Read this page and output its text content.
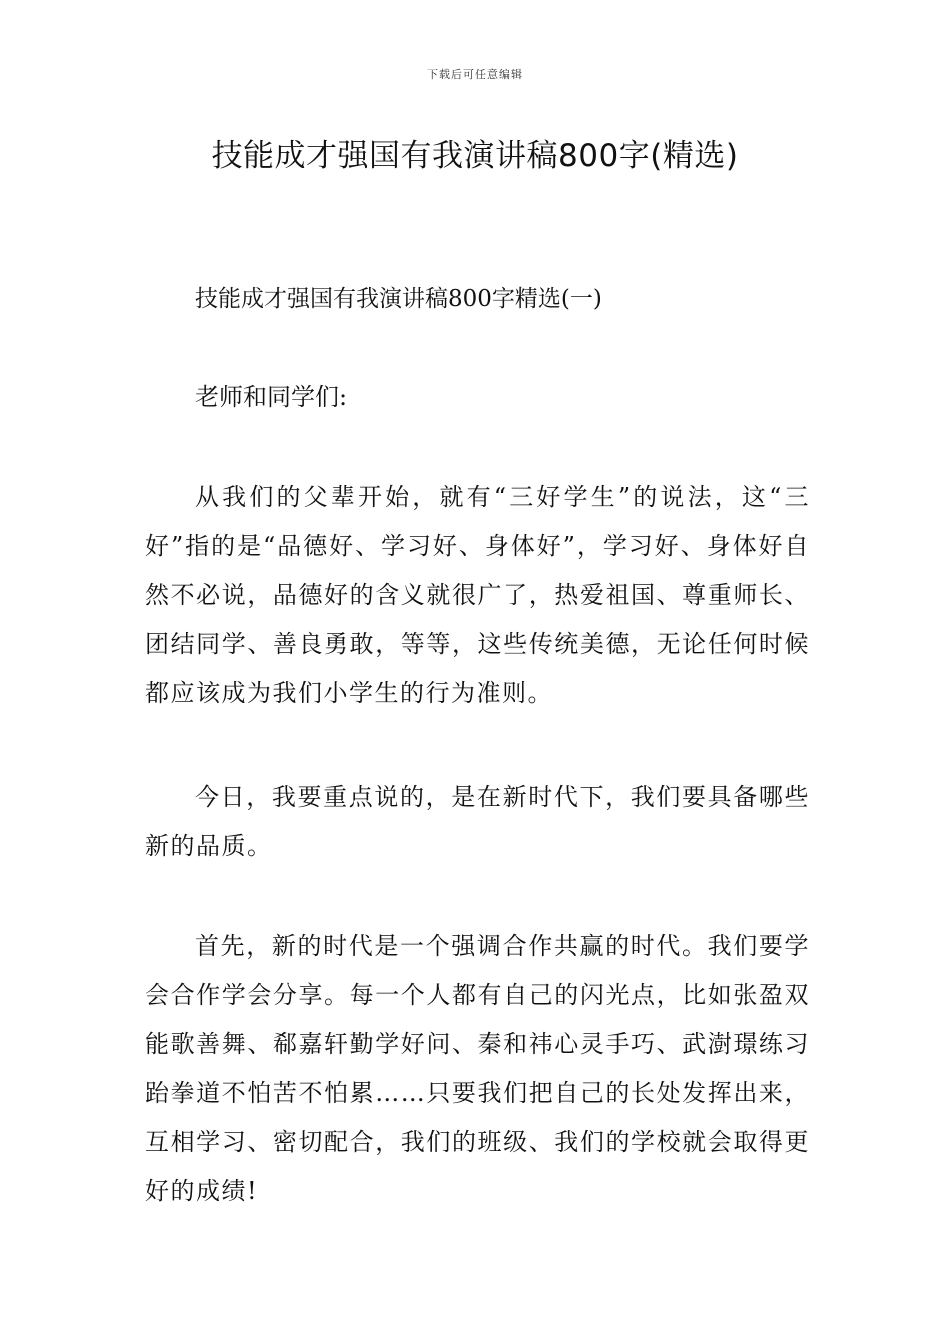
下载后可任意编辑
技能成才强国有我演讲稿800字(精选)

技能成才强国有我演讲稿800字精选(一)

老师和同学们:

从我们的父辈开始，就有“三好学生”的说法，这“三好”指的是“品德好、学习好、身体好”，学习好、身体好自然不必说，品德好的含义就很广了，热爱祖国、尊重师长、团结同学、善良勇敢，等等，这些传统美德，无论任何时候都应该成为我们小学生的行为准则。

今日，我要重点说的，是在新时代下，我们要具备哪些新的品质。

首先，新的时代是一个强调合作共赢的时代。我们要学会合作学会分享。每一个人都有自己的闪光点，比如张盈双能歌善舞、郗嘉轩勤学好问、秦和祎心灵手巧、武澍璟练习跆拳道不怕苦不怕累……只要我们把自己的长处发挥出来，互相学习、密切配合，我们的班级、我们的学校就会取得更好的成绩!
